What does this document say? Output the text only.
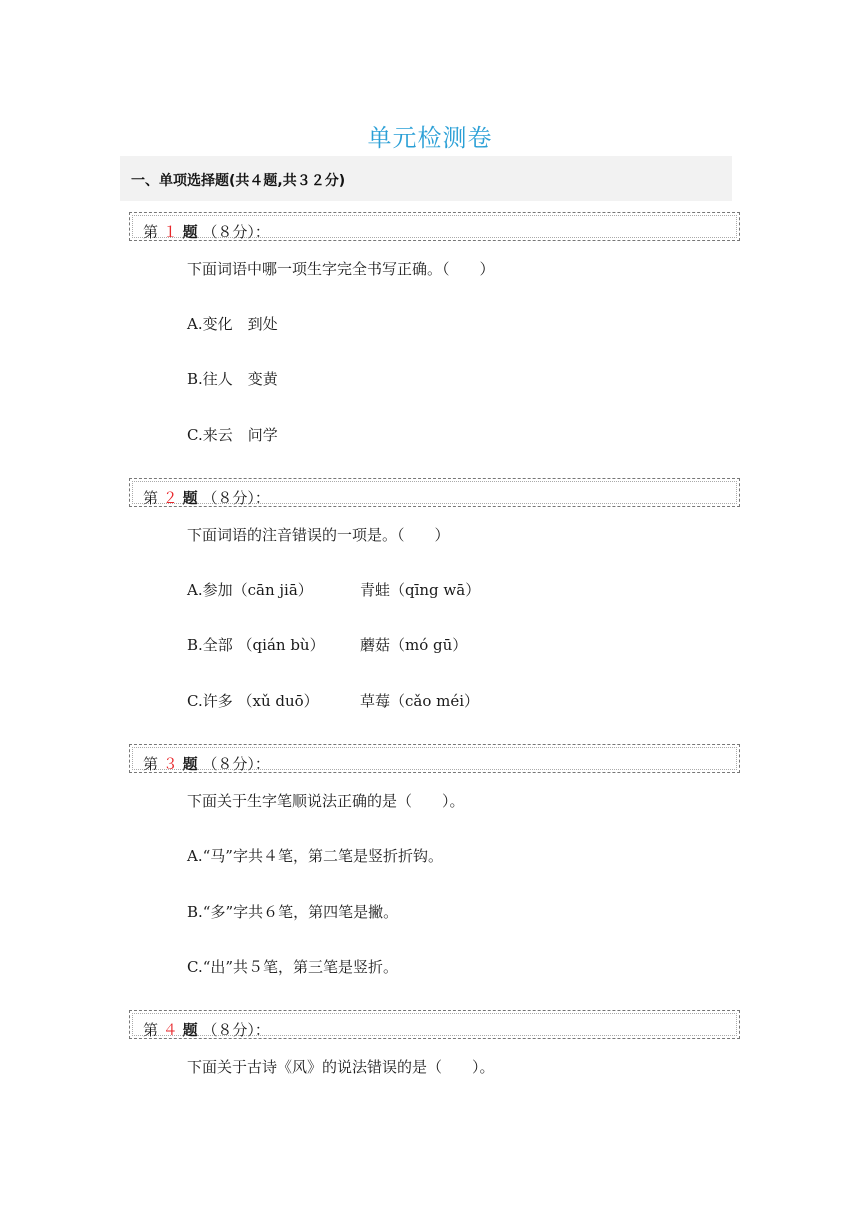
单元检测卷
一、单项选择题(共４题,共３２分)
第 １ 题 （８分）：
下面词语中哪一项生字完全书写正确。（　　）
A.变化　到处
B.往人　变黄
C.来云　问学
第 ２ 题 （８分）：
下面词语的注音错误的一项是。（　　）
A.参加（cān jiā）	青蛙（qīng wā）
B.全部 （qián bù） 蘑菇（mó gū）
C.许多 （xǔ duō）	草莓（cǎo méi）
第 ３ 题 （８分）：
下面关于生字笔顺说法正确的是（　　）。
A.“马”字共４笔，第二笔是竖折折钩。
B.“多”字共６笔，第四笔是撇。
C.“出”共５笔，第三笔是竖折。
第 ４ 题 （８分）：
下面关于古诗《风》的说法错误的是（　　）。
